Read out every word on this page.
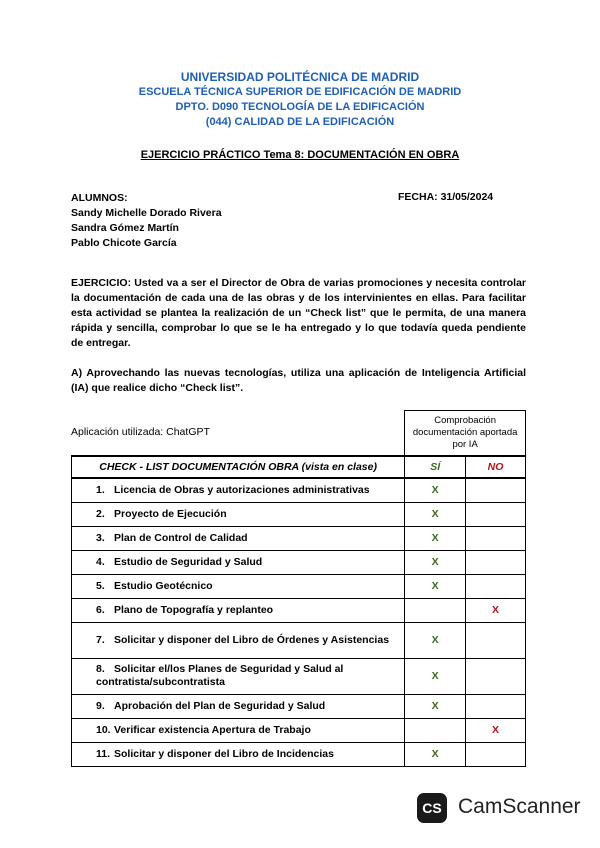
UNIVERSIDAD POLITÉCNICA DE MADRID
ESCUELA TÉCNICA SUPERIOR DE EDIFICACIÓN DE MADRID
DPTO. D090 TECNOLOGÍA DE LA EDIFICACIÓN
(044) CALIDAD DE LA EDIFICACIÓN
EJERCICIO PRÁCTICO Tema 8: DOCUMENTACIÓN EN OBRA
ALUMNOS:
Sandy Michelle Dorado Rivera
Sandra Gómez Martín
Pablo Chicote García
FECHA: 31/05/2024

EJERCICIO: Usted va a ser el Director de Obra de varias promociones y necesita controlar la documentación de cada una de las obras y de los intervinientes en ellas. Para facilitar esta actividad se plantea la realización de un “Check list” que le permita, de una manera rápida y sencilla, comprobar lo que se le ha entregado y lo que todavía queda pendiente de entregar.

A) Aprovechando las nuevas tecnologías, utiliza una aplicación de Inteligencia Artificial (IA) que realice dicho “Check list”.

Aplicación utilizada: ChatGPT
	Comprobación documentación aportada por IA	
CHECK - LIST DOCUMENTACIÓN OBRA (vista en clase)	SÍ	NO
1. Licencia de Obras y autorizaciones administrativas	X	
2. Proyecto de Ejecución	X	
3. Plan de Control de Calidad	X	
4. Estudio de Seguridad y Salud	X	
5. Estudio Geotécnico	X	
6. Plano de Topografía y replanteo		X
7. Solicitar y disponer del Libro de Órdenes y Asistencias	X	
8. Solicitar el/los Planes de Seguridad y Salud al contratista/subcontratista	X	
9. Aprobación del Plan de Seguridad y Salud	X	
10. Verificar existencia Apertura de Trabajo		X
11. Solicitar y disponer del Libro de Incidencias	X	
CS CamScanner
